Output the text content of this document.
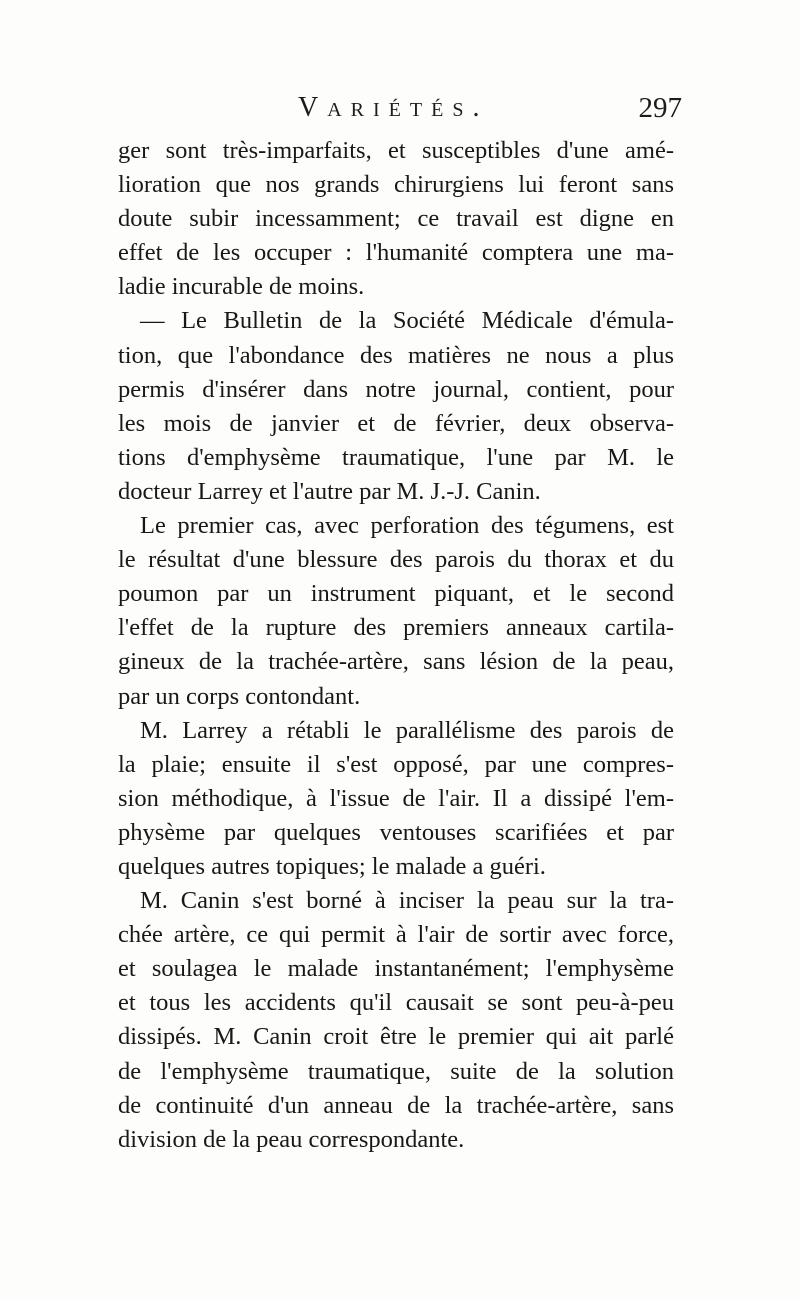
Variétés.	297
ger sont très-imparfaits, et susceptibles d'une amé-
lioration que nos grands chirurgiens lui feront sans
doute subir incessamment; ce travail est digne en
effet de les occuper : l'humanité comptera une ma-
ladie incurable de moins.
— Le Bulletin de la Société Médicale d'émula-
tion, que l'abondance des matières ne nous a plus
permis d'insérer dans notre journal, contient, pour
les mois de janvier et de février, deux observa-
tions d'emphysème traumatique, l'une par M. le
docteur Larrey et l'autre par M. J.-J. Canin.
Le premier cas, avec perforation des tégumens, est
le résultat d'une blessure des parois du thorax et du
poumon par un instrument piquant, et le second
l'effet de la rupture des premiers anneaux cartila-
gineux de la trachée-artère, sans lésion de la peau,
par un corps contondant.
M. Larrey a rétabli le parallélisme des parois de
la plaie; ensuite il s'est opposé, par une compres-
sion méthodique, à l'issue de l'air. Il a dissipé l'em-
physème par quelques ventouses scarifiées et par
quelques autres topiques; le malade a guéri.
M. Canin s'est borné à inciser la peau sur la tra-
chée artère, ce qui permit à l'air de sortir avec force,
et soulagea le malade instantanément; l'emphysème
et tous les accidents qu'il causait se sont peu-à-peu
dissipés. M. Canin croit être le premier qui ait parlé
de l'emphysème traumatique, suite de la solution
de continuité d'un anneau de la trachée-artère, sans
division de la peau correspondante.
